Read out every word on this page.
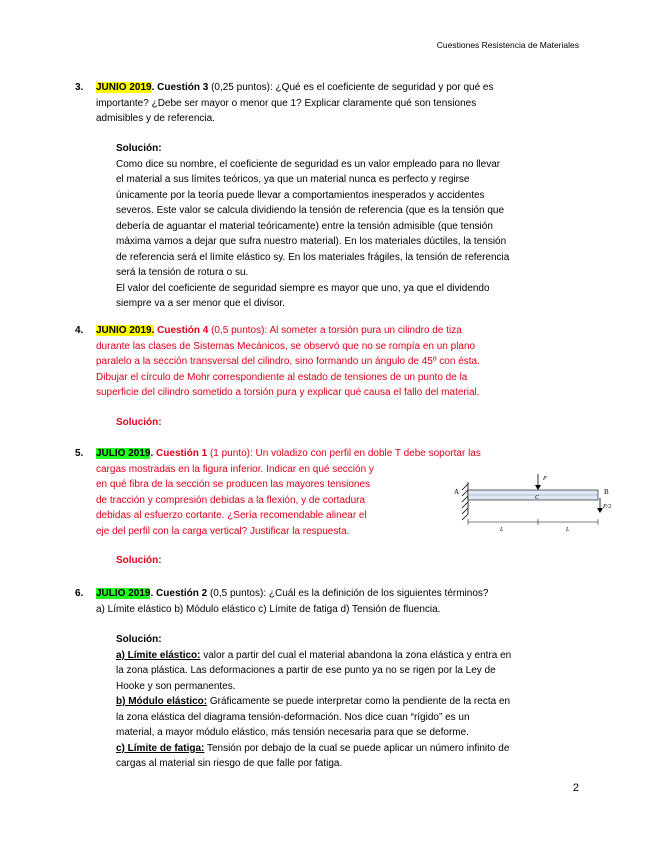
Cuestiones Resistencia de Materiales
3. JUNIO 2019. Cuestión 3 (0,25 puntos): ¿Qué es el coeficiente de seguridad y por qué es

importante? ¿Debe ser mayor o menor que 1? Explicar claramente qué son tensiones

admisibles y de referencia.

Solución:

Como dice su nombre, el coeficiente de seguridad es un valor empleado para no llevar

el material a sus límites teóricos, ya que un material nunca es perfecto y regirse

únicamente por la teoría puede llevar a comportamientos inesperados y accidentes

severos. Este valor se calcula dividiendo la tensión de referencia (que es la tensión que

debería de aguantar el material teóricamente) entre la tensión admisible (que tensión

máxima vamos a dejar que sufra nuestro material). En los materiales dúctiles, la tensión

de referencia será el límite elástico sy. En los materiales frágiles, la tensión de referencia

será la tensión de rotura o su.

El valor del coeficiente de seguridad siempre es mayor que uno, ya que el dividendo

siempre va a ser menor que el divisor.

4. JUNIO 2019. Cuestión 4 (0,5 puntos): Al someter a torsión pura un cilindro de tiza

durante las clases de Sistemas Mecánicos, se observó que no se rompía en un plano

paralelo a la sección transversal del cilindro, sino formando un ángulo de 45º con ésta.

Dibujar el círculo de Mohr correspondiente al estado de tensiones de un punto de la

superficie del cilindro sometido a torsión pura y explicar qué causa el fallo del material.

Solución:

5. JULIO 2019. Cuestión 1 (1 punto): Un voladizo con perfil en doble T debe soportar las

cargas mostradas en la figura inferior. Indicar en qué sección y

en qué fibra de la sección se producen las mayores tensiones

de tracción y compresión debidas a la flexión, y de cortadura

debidas al esfuerzo cortante. ¿Sería recomendable alinear el

eje del perfil con la carga vertical? Justificar la respuesta.

A	B
C
P
P/2
L	L

Solución:

6. JULIO 2019. Cuestión 2 (0,5 puntos): ¿Cuál es la definición de los siguientes términos?

a) Límite elástico b) Módulo elástico c) Límite de fatiga d) Tensión de fluencia.

Solución:

a) Límite elástico: valor a partir del cual el material abandona la zona elástica y entra en

la zona plástica. Las deformaciones a partir de ese punto ya no se rigen por la Ley de

Hooke y son permanentes.

b) Módulo elástico: Gráficamente se puede interpretar como la pendiente de la recta en

la zona elástica del diagrama tensión-deformación. Nos dice cuan “rígido” es un

material, a mayor módulo elástico, más tensión necesaria para que se deforme.

c) Límite de fatiga: Tensión por debajo de la cual se puede aplicar un número infinito de

cargas al material sin riesgo de que falle por fatiga.

2
